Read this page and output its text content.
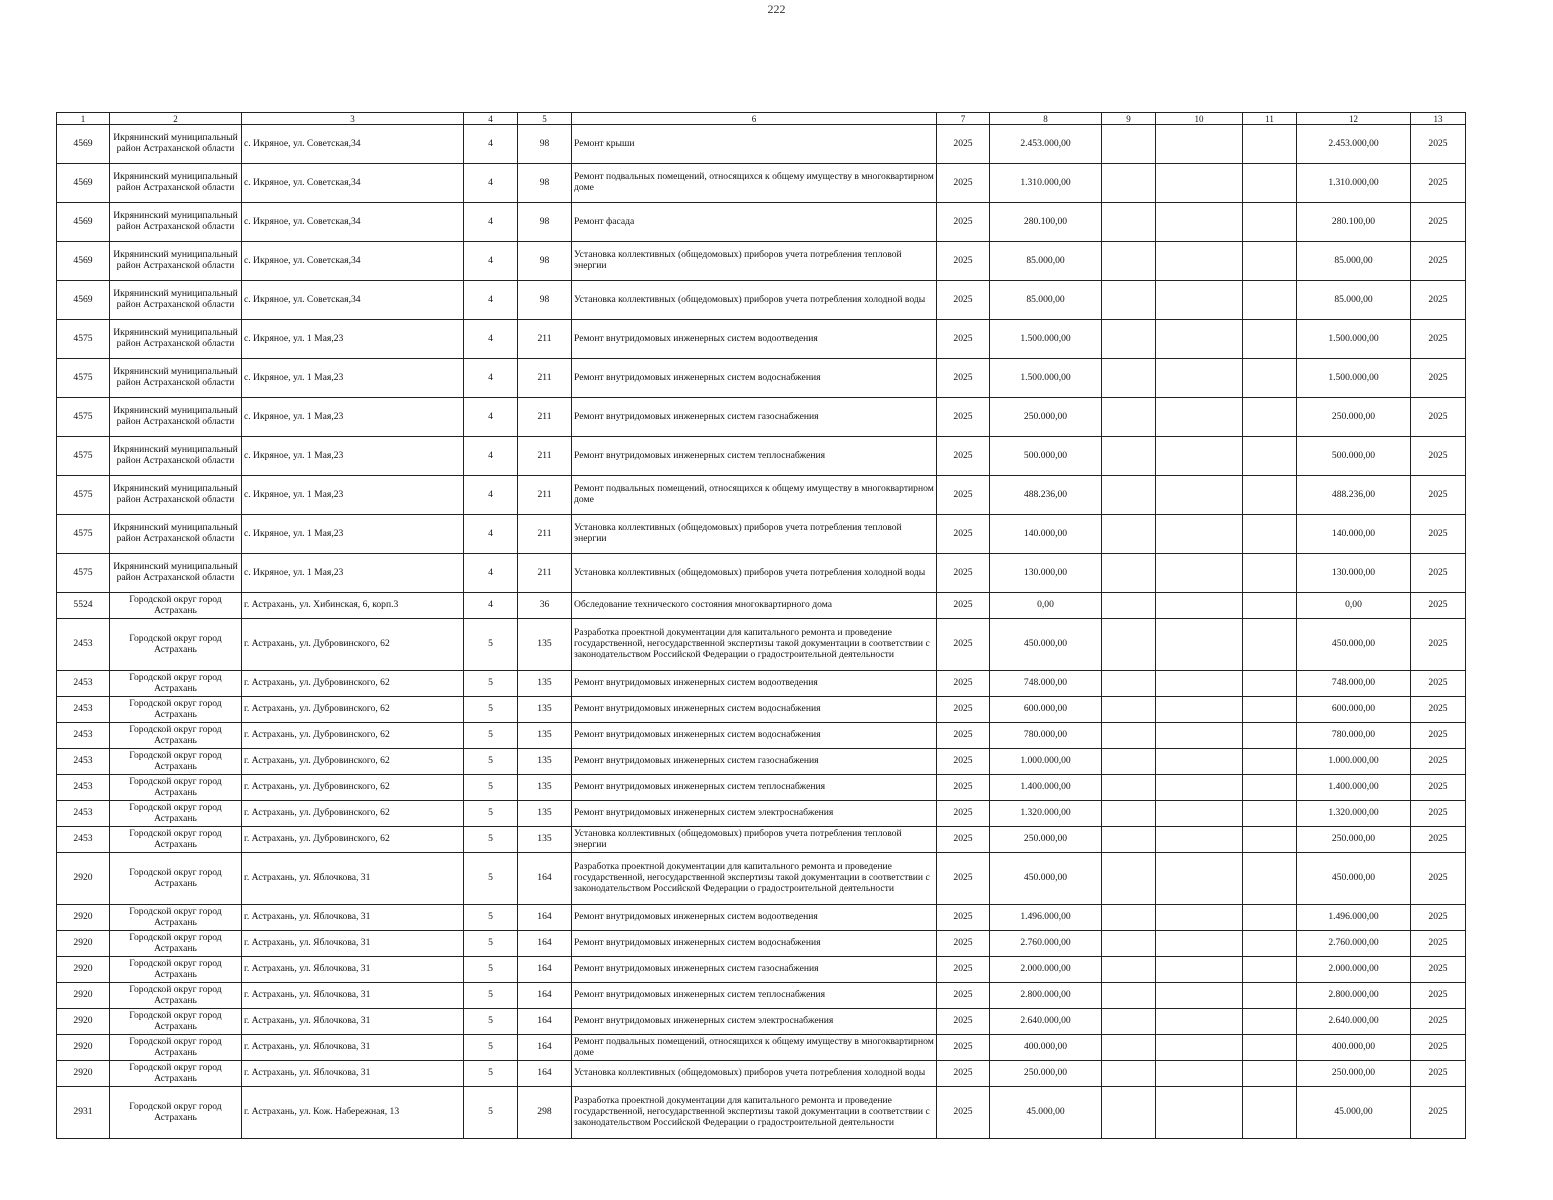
222
1	2	3	4	5	6	7	8	9	10	11	12	13
4569	Икрянинский муниципальный район Астраханской области	с. Икряное, ул. Советская,34	4	98	Ремонт крыши	2025	2.453.000,00				2.453.000,00	2025
4569	Икрянинский муниципальный район Астраханской области	с. Икряное, ул. Советская,34	4	98	Ремонт подвальных помещений, относящихся к общему имуществу в многоквартирном доме	2025	1.310.000,00				1.310.000,00	2025
4569	Икрянинский муниципальный район Астраханской области	с. Икряное, ул. Советская,34	4	98	Ремонт фасада	2025	280.100,00				280.100,00	2025
4569	Икрянинский муниципальный район Астраханской области	с. Икряное, ул. Советская,34	4	98	Установка коллективных (общедомовых) приборов учета потребления тепловой энергии	2025	85.000,00				85.000,00	2025
4569	Икрянинский муниципальный район Астраханской области	с. Икряное, ул. Советская,34	4	98	Установка коллективных (общедомовых) приборов учета потребления холодной воды	2025	85.000,00				85.000,00	2025
4575	Икрянинский муниципальный район Астраханской области	с. Икряное, ул. 1 Мая,23	4	211	Ремонт внутридомовых инженерных систем водоотведения	2025	1.500.000,00				1.500.000,00	2025
4575	Икрянинский муниципальный район Астраханской области	с. Икряное, ул. 1 Мая,23	4	211	Ремонт внутридомовых инженерных систем водоснабжения	2025	1.500.000,00				1.500.000,00	2025
4575	Икрянинский муниципальный район Астраханской области	с. Икряное, ул. 1 Мая,23	4	211	Ремонт внутридомовых инженерных систем газоснабжения	2025	250.000,00				250.000,00	2025
4575	Икрянинский муниципальный район Астраханской области	с. Икряное, ул. 1 Мая,23	4	211	Ремонт внутридомовых инженерных систем теплоснабжения	2025	500.000,00				500.000,00	2025
4575	Икрянинский муниципальный район Астраханской области	с. Икряное, ул. 1 Мая,23	4	211	Ремонт подвальных помещений, относящихся к общему имуществу в многоквартирном доме	2025	488.236,00				488.236,00	2025
4575	Икрянинский муниципальный район Астраханской области	с. Икряное, ул. 1 Мая,23	4	211	Установка коллективных (общедомовых) приборов учета потребления тепловой энергии	2025	140.000,00				140.000,00	2025
4575	Икрянинский муниципальный район Астраханской области	с. Икряное, ул. 1 Мая,23	4	211	Установка коллективных (общедомовых) приборов учета потребления холодной воды	2025	130.000,00				130.000,00	2025
5524	Городской округ город Астрахань	г. Астрахань, ул. Хибинская, 6, корп.3	4	36	Обследование технического состояния многоквартирного дома	2025	0,00				0,00	2025
2453	Городской округ город Астрахань	г. Астрахань, ул. Дубровинского, 62	5	135	Разработка проектной документации для капитального ремонта и проведение государственной, негосударственной экспертизы такой документации в соответствии с законодательством Российской Федерации о градостроительной деятельности	2025	450.000,00				450.000,00	2025
2453	Городской округ город Астрахань	г. Астрахань, ул. Дубровинского, 62	5	135	Ремонт внутридомовых инженерных систем водоотведения	2025	748.000,00				748.000,00	2025
2453	Городской округ город Астрахань	г. Астрахань, ул. Дубровинского, 62	5	135	Ремонт внутридомовых инженерных систем водоснабжения	2025	600.000,00				600.000,00	2025
2453	Городской округ город Астрахань	г. Астрахань, ул. Дубровинского, 62	5	135	Ремонт внутридомовых инженерных систем водоснабжения	2025	780.000,00				780.000,00	2025
2453	Городской округ город Астрахань	г. Астрахань, ул. Дубровинского, 62	5	135	Ремонт внутридомовых инженерных систем газоснабжения	2025	1.000.000,00				1.000.000,00	2025
2453	Городской округ город Астрахань	г. Астрахань, ул. Дубровинского, 62	5	135	Ремонт внутридомовых инженерных систем теплоснабжения	2025	1.400.000,00				1.400.000,00	2025
2453	Городской округ город Астрахань	г. Астрахань, ул. Дубровинского, 62	5	135	Ремонт внутридомовых инженерных систем электроснабжения	2025	1.320.000,00				1.320.000,00	2025
2453	Городской округ город Астрахань	г. Астрахань, ул. Дубровинского, 62	5	135	Установка коллективных (общедомовых) приборов учета потребления тепловой энергии	2025	250.000,00				250.000,00	2025
2920	Городской округ город Астрахань	г. Астрахань, ул. Яблочкова, 31	5	164	Разработка проектной документации для капитального ремонта и проведение государственной, негосударственной экспертизы такой документации в соответствии с законодательством Российской Федерации о градостроительной деятельности	2025	450.000,00				450.000,00	2025
2920	Городской округ город Астрахань	г. Астрахань, ул. Яблочкова, 31	5	164	Ремонт внутридомовых инженерных систем водоотведения	2025	1.496.000,00				1.496.000,00	2025
2920	Городской округ город Астрахань	г. Астрахань, ул. Яблочкова, 31	5	164	Ремонт внутридомовых инженерных систем водоснабжения	2025	2.760.000,00				2.760.000,00	2025
2920	Городской округ город Астрахань	г. Астрахань, ул. Яблочкова, 31	5	164	Ремонт внутридомовых инженерных систем газоснабжения	2025	2.000.000,00				2.000.000,00	2025
2920	Городской округ город Астрахань	г. Астрахань, ул. Яблочкова, 31	5	164	Ремонт внутридомовых инженерных систем теплоснабжения	2025	2.800.000,00				2.800.000,00	2025
2920	Городской округ город Астрахань	г. Астрахань, ул. Яблочкова, 31	5	164	Ремонт внутридомовых инженерных систем электроснабжения	2025	2.640.000,00				2.640.000,00	2025
2920	Городской округ город Астрахань	г. Астрахань, ул. Яблочкова, 31	5	164	Ремонт подвальных помещений, относящихся к общему имуществу в многоквартирном доме	2025	400.000,00				400.000,00	2025
2920	Городской округ город Астрахань	г. Астрахань, ул. Яблочкова, 31	5	164	Установка коллективных (общедомовых) приборов учета потребления холодной воды	2025	250.000,00				250.000,00	2025
2931	Городской округ город Астрахань	г. Астрахань, ул. Кож. Набережная, 13	5	298	Разработка проектной документации для капитального ремонта и проведение государственной, негосударственной экспертизы такой документации в соответствии с законодательством Российской Федерации о градостроительной деятельности	2025	45.000,00				45.000,00	2025
